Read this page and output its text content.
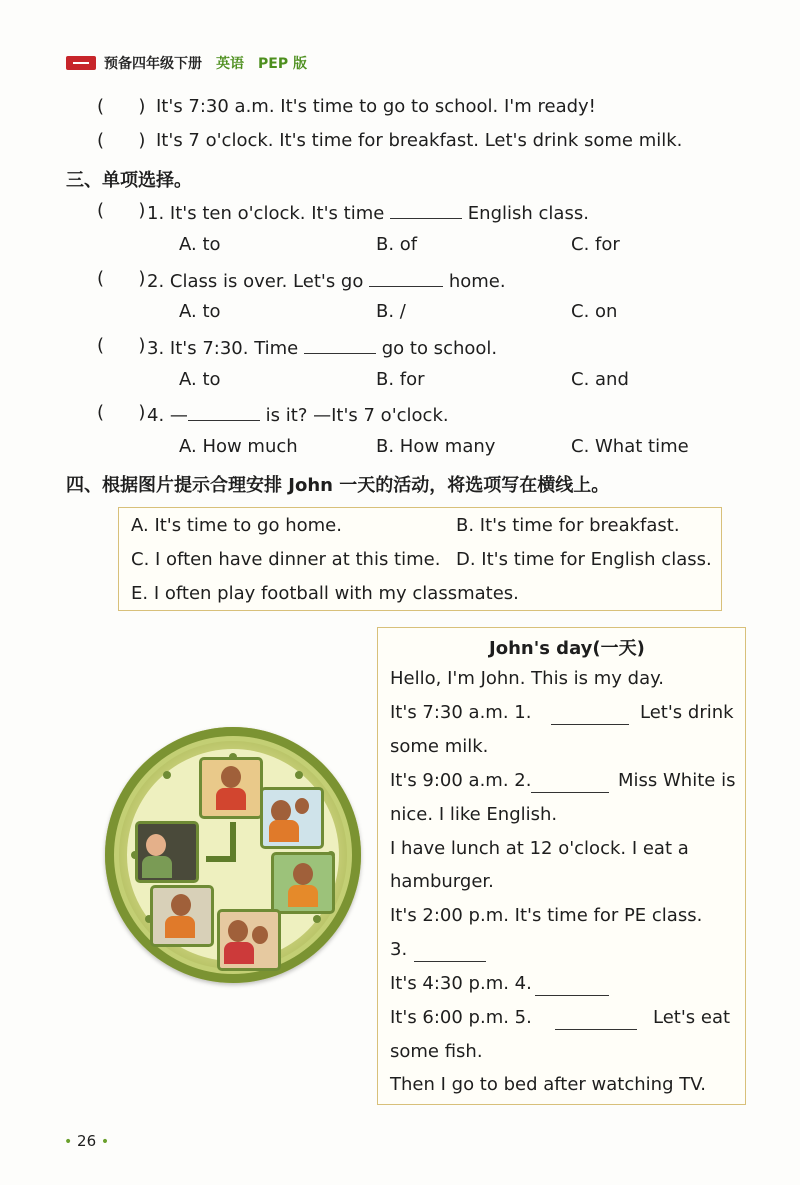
预备四年级下册 英语 PEP 版
(      ) It's 7:30 a.m. It's time to go to school. I'm ready!
(      ) It's 7 o'clock. It's time for breakfast. Let's drink some milk.
三、单项选择。
(      ) 1. It's ten o'clock. It's time	English class.
A. to	B. of	C. for
(      ) 2. Class is over. Let's go	home.
A. to	B. /	C. on
(      ) 3. It's 7:30. Time	go to school.
A. to	B. for	C. and
(      ) 4. —	is it? —It's 7 o'clock.
A. How much	B. How many	C. What time
四、根据图片提示合理安排 John 一天的活动，将选项写在横线上。
A. It's time to go home.	B. It's time for breakfast.
C. I often have dinner at this time. D. It's time for English class.
E. I often play football with my classmates.
John's day(一天)
Hello, I'm John. This is my day.
It's 7:30 a.m. 1.	Let's drink
some milk.
It's 9:00 a.m. 2.	Miss White is
nice. I like English.
I have lunch at 12 o'clock. I eat a
hamburger.
It's 2:00 p.m. It's time for PE class.
3.
It's 4:30 p.m. 4.
It's 6:00 p.m. 5.	Let's eat
some fish.
Then I go to bed after watching TV.
• 26 •
